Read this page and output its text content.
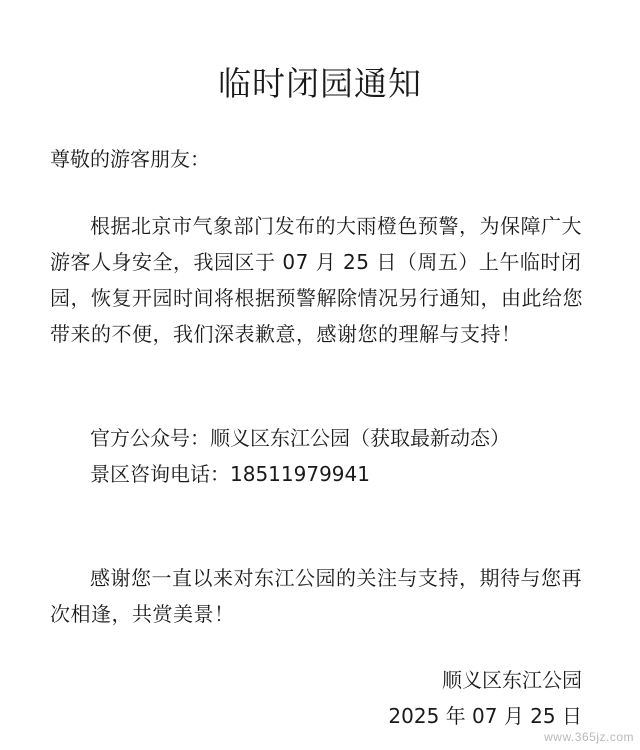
临时闭园通知

尊敬的游客朋友：

根据北京市气象部门发布的大雨橙色预警，为保障广大游客人身安全，我园区于 07 月 25 日（周五）上午临时闭园，恢复开园时间将根据预警解除情况另行通知，由此给您带来的不便，我们深表歉意，感谢您的理解与支持！

官方公众号：顺义区东江公园（获取最新动态）
景区咨询电话：18511979941

感谢您一直以来对东江公园的关注与支持，期待与您再次相逢，共赏美景！

顺义区东江公园
2025 年 07 月 25 日
www.365jz.com
